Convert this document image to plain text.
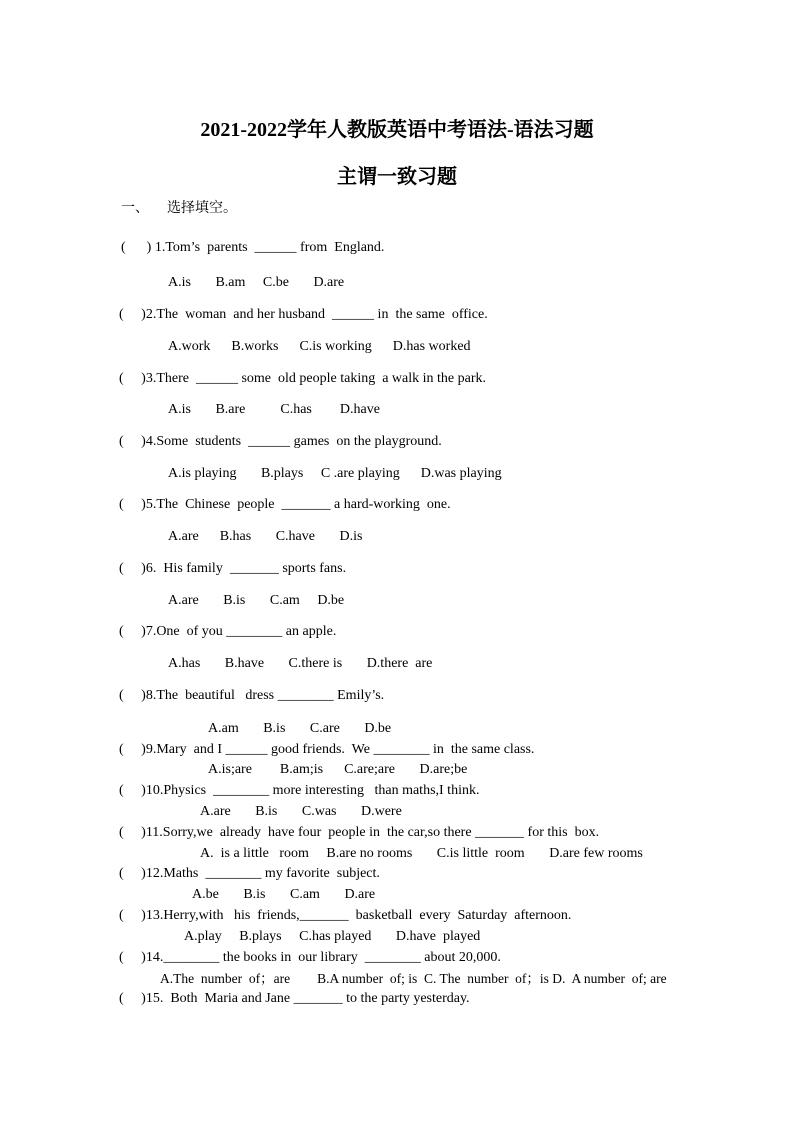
2021-2022学年人教版英语中考语法-语法习题
主谓一致习题
一、 选择填空。
(      ) 1.Tom’s  parents  ______ from  England.
A.is       B.am     C.be       D.are
(     )2.The  woman  and her husband  ______ in  the same  office.
A.work      B.works      C.is working      D.has worked
(     )3.There  ______ some  old people taking  a walk in the park.
A.is       B.are          C.has        D.have
(     )4.Some  students  ______ games  on the playground.
A.is playing       B.plays     C .are playing      D.was playing
(     )5.The  Chinese  people  _______ a hard-working  one.
A.are      B.has       C.have       D.is
(     )6.  His family  _______ sports fans.
A.are       B.is       C.am     D.be
(     )7.One  of you ________ an apple.
A.has       B.have       C.there is       D.there  are
(     )8.The  beautiful   dress ________ Emily’s.
A.am       B.is       C.are       D.be
(     )9.Mary  and I ______ good friends.  We ________ in  the same class.
A.is;are        B.am;is      C.are;are       D.are;be
(     )10.Physics  ________ more interesting   than maths,I think.
A.are       B.is       C.was       D.were
(     )11.Sorry,we  already  have four  people in  the car,so there _______ for this  box.
A.  is a little   room     B.are no rooms       C.is little  room       D.are few rooms
(     )12.Maths  ________ my favorite  subject.
A.be       B.is       C.am       D.are
(     )13.Herry,with   his  friends,_______  basketball  every  Saturday  afternoon.
A.play     B.plays     C.has played       D.have  played
(     )14.________ the books in  our library  ________ about 20,000.
A.The  number  of；are        B.A number  of; is  C. The  number  of；is D.  A number  of; are
(     )15.  Both  Maria and Jane _______ to the party yesterday.
